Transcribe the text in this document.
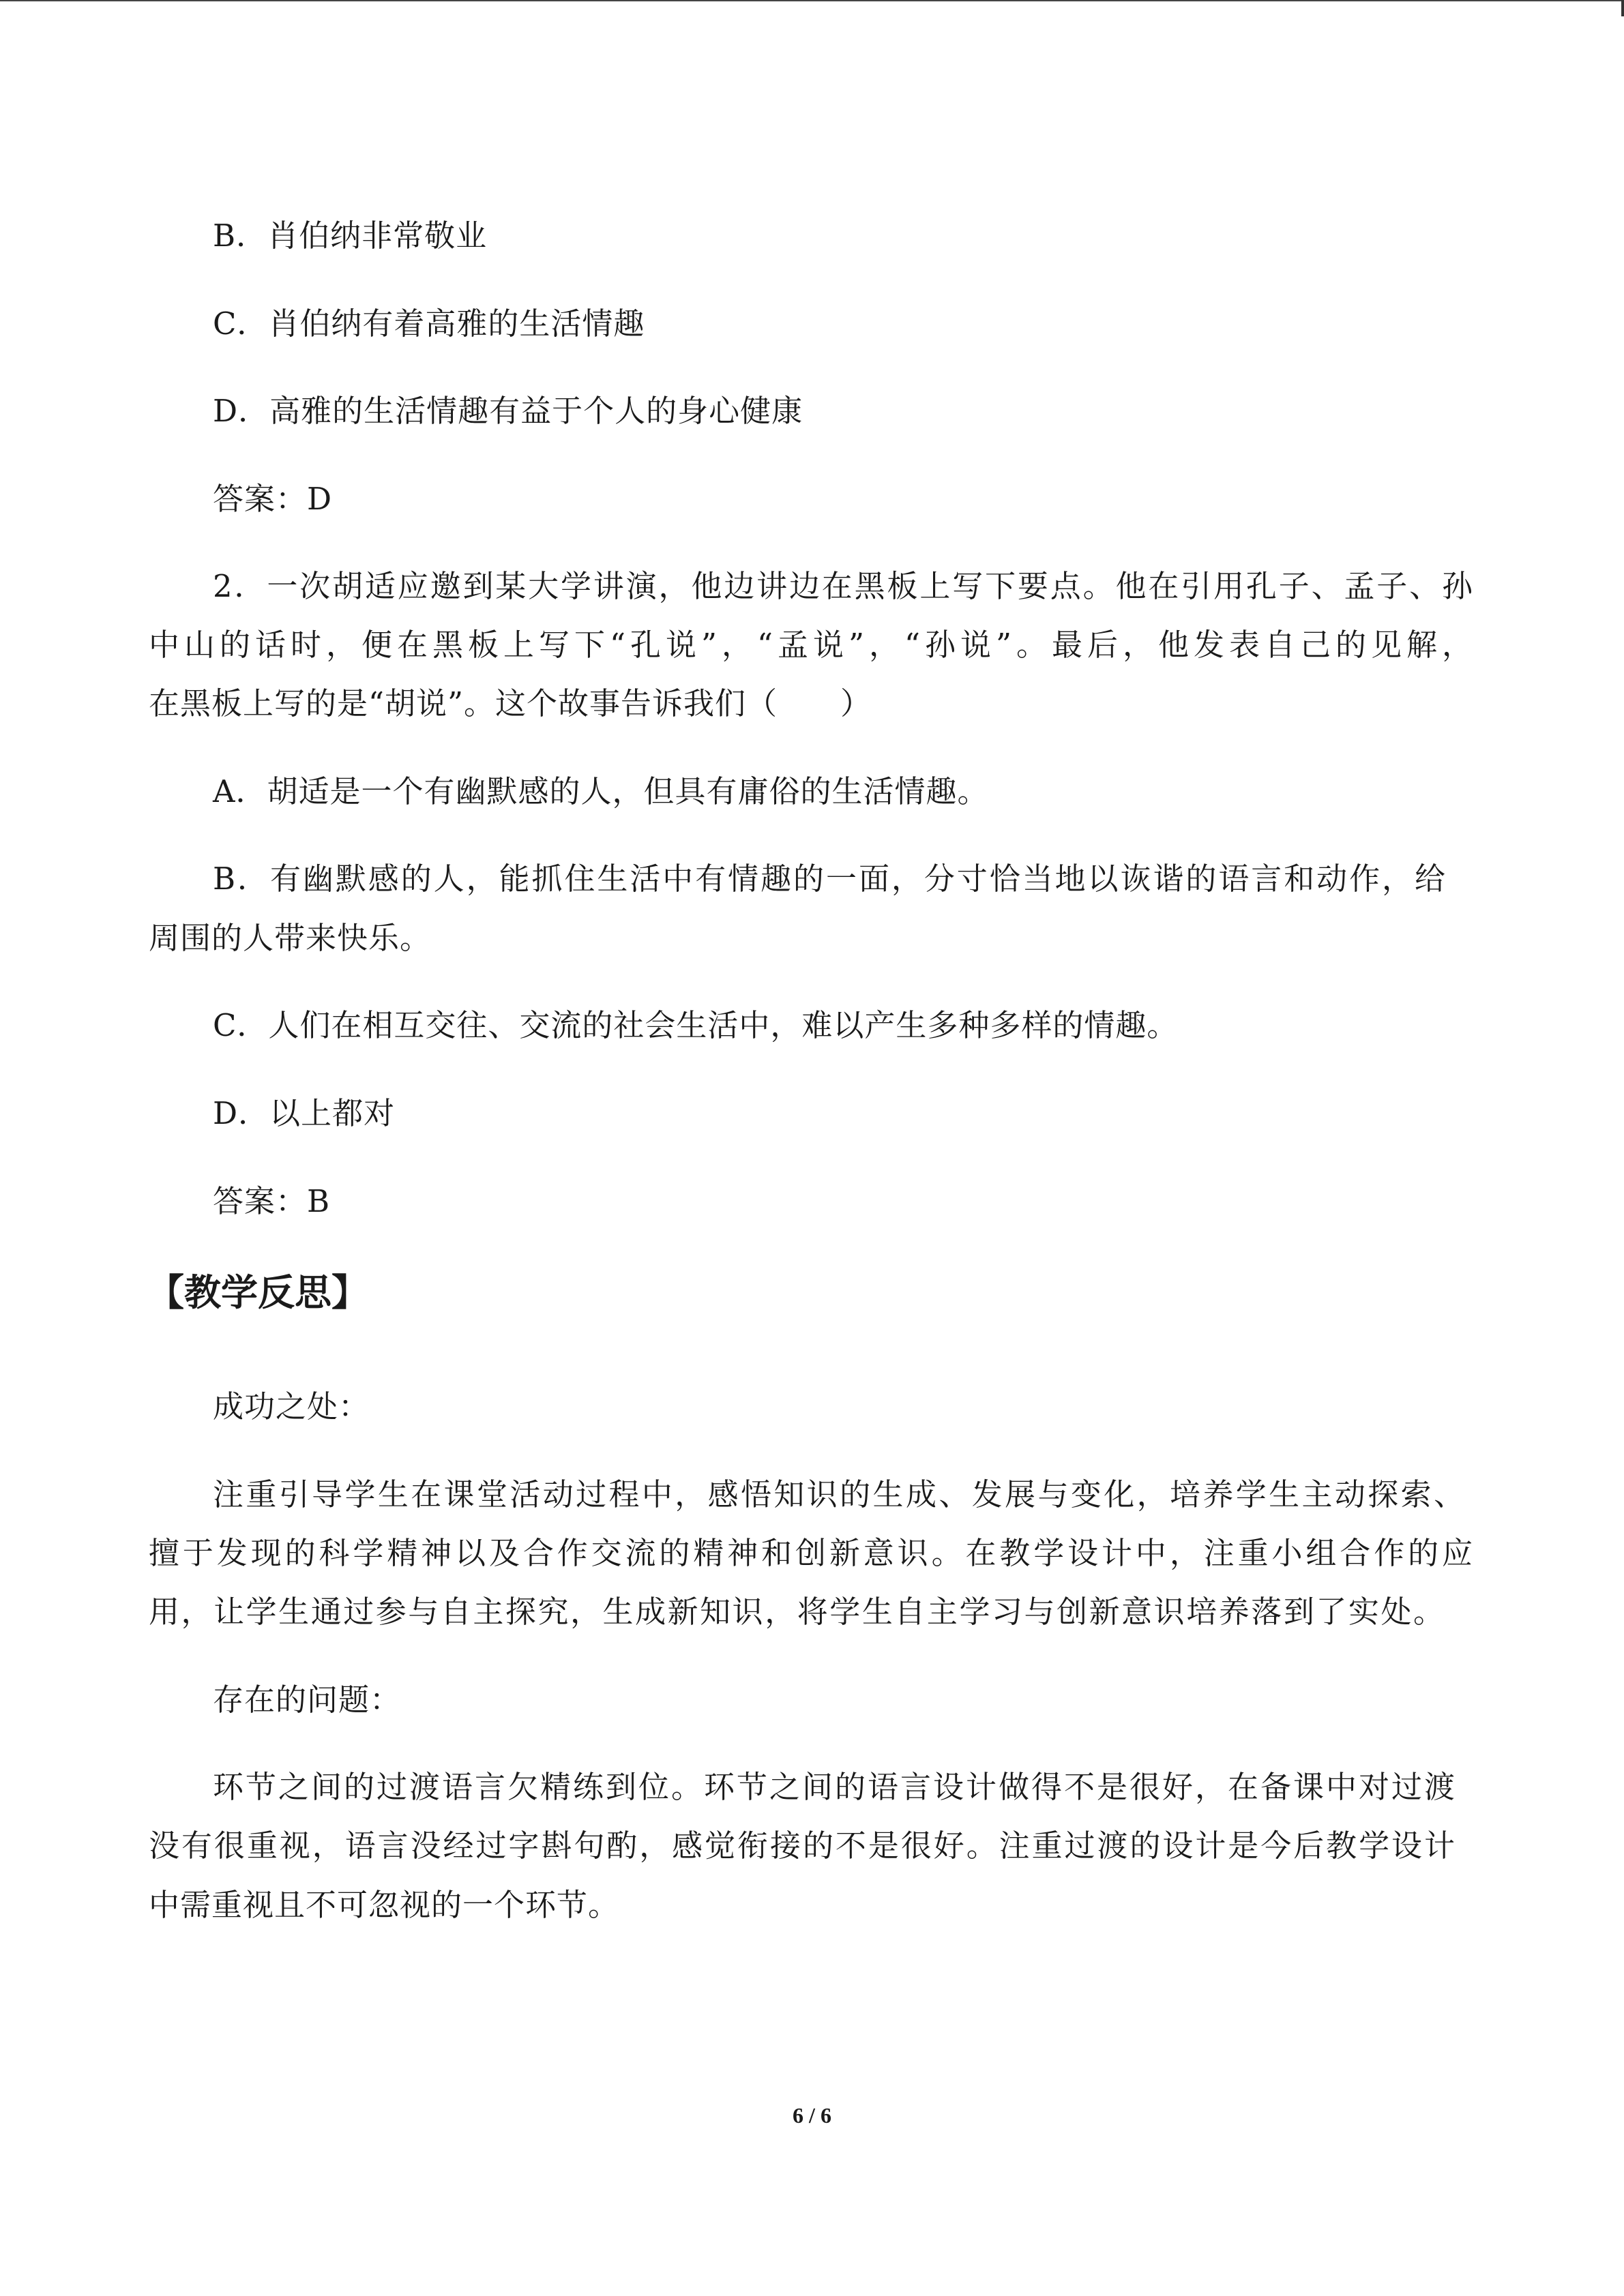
B．肖伯纳非常敬业
C．肖伯纳有着高雅的生活情趣
D．高雅的生活情趣有益于个人的身心健康
答案：D
2．一次胡适应邀到某大学讲演，他边讲边在黑板上写下要点。他在引用孔子、孟子、孙
中山的话时，便在黑板上写下“孔说”，“孟说”，“孙说”。最后，他发表自己的见解，
在黑板上写的是“胡说”。这个故事告诉我们（　　）
A．胡适是一个有幽默感的人，但具有庸俗的生活情趣。
B．有幽默感的人，能抓住生活中有情趣的一面，分寸恰当地以诙谐的语言和动作，给
周围的人带来快乐。
C．人们在相互交往、交流的社会生活中，难以产生多种多样的情趣。
D．以上都对
答案：B
【教学反思】
成功之处：
注重引导学生在课堂活动过程中，感悟知识的生成、发展与变化，培养学生主动探索、
擅于发现的科学精神以及合作交流的精神和创新意识。在教学设计中，注重小组合作的应
用，让学生通过参与自主探究，生成新知识，将学生自主学习与创新意识培养落到了实处。
存在的问题：
环节之间的过渡语言欠精练到位。环节之间的语言设计做得不是很好，在备课中对过渡
没有很重视，语言没经过字斟句酌，感觉衔接的不是很好。注重过渡的设计是今后教学设计
中需重视且不可忽视的一个环节。
6 / 6
